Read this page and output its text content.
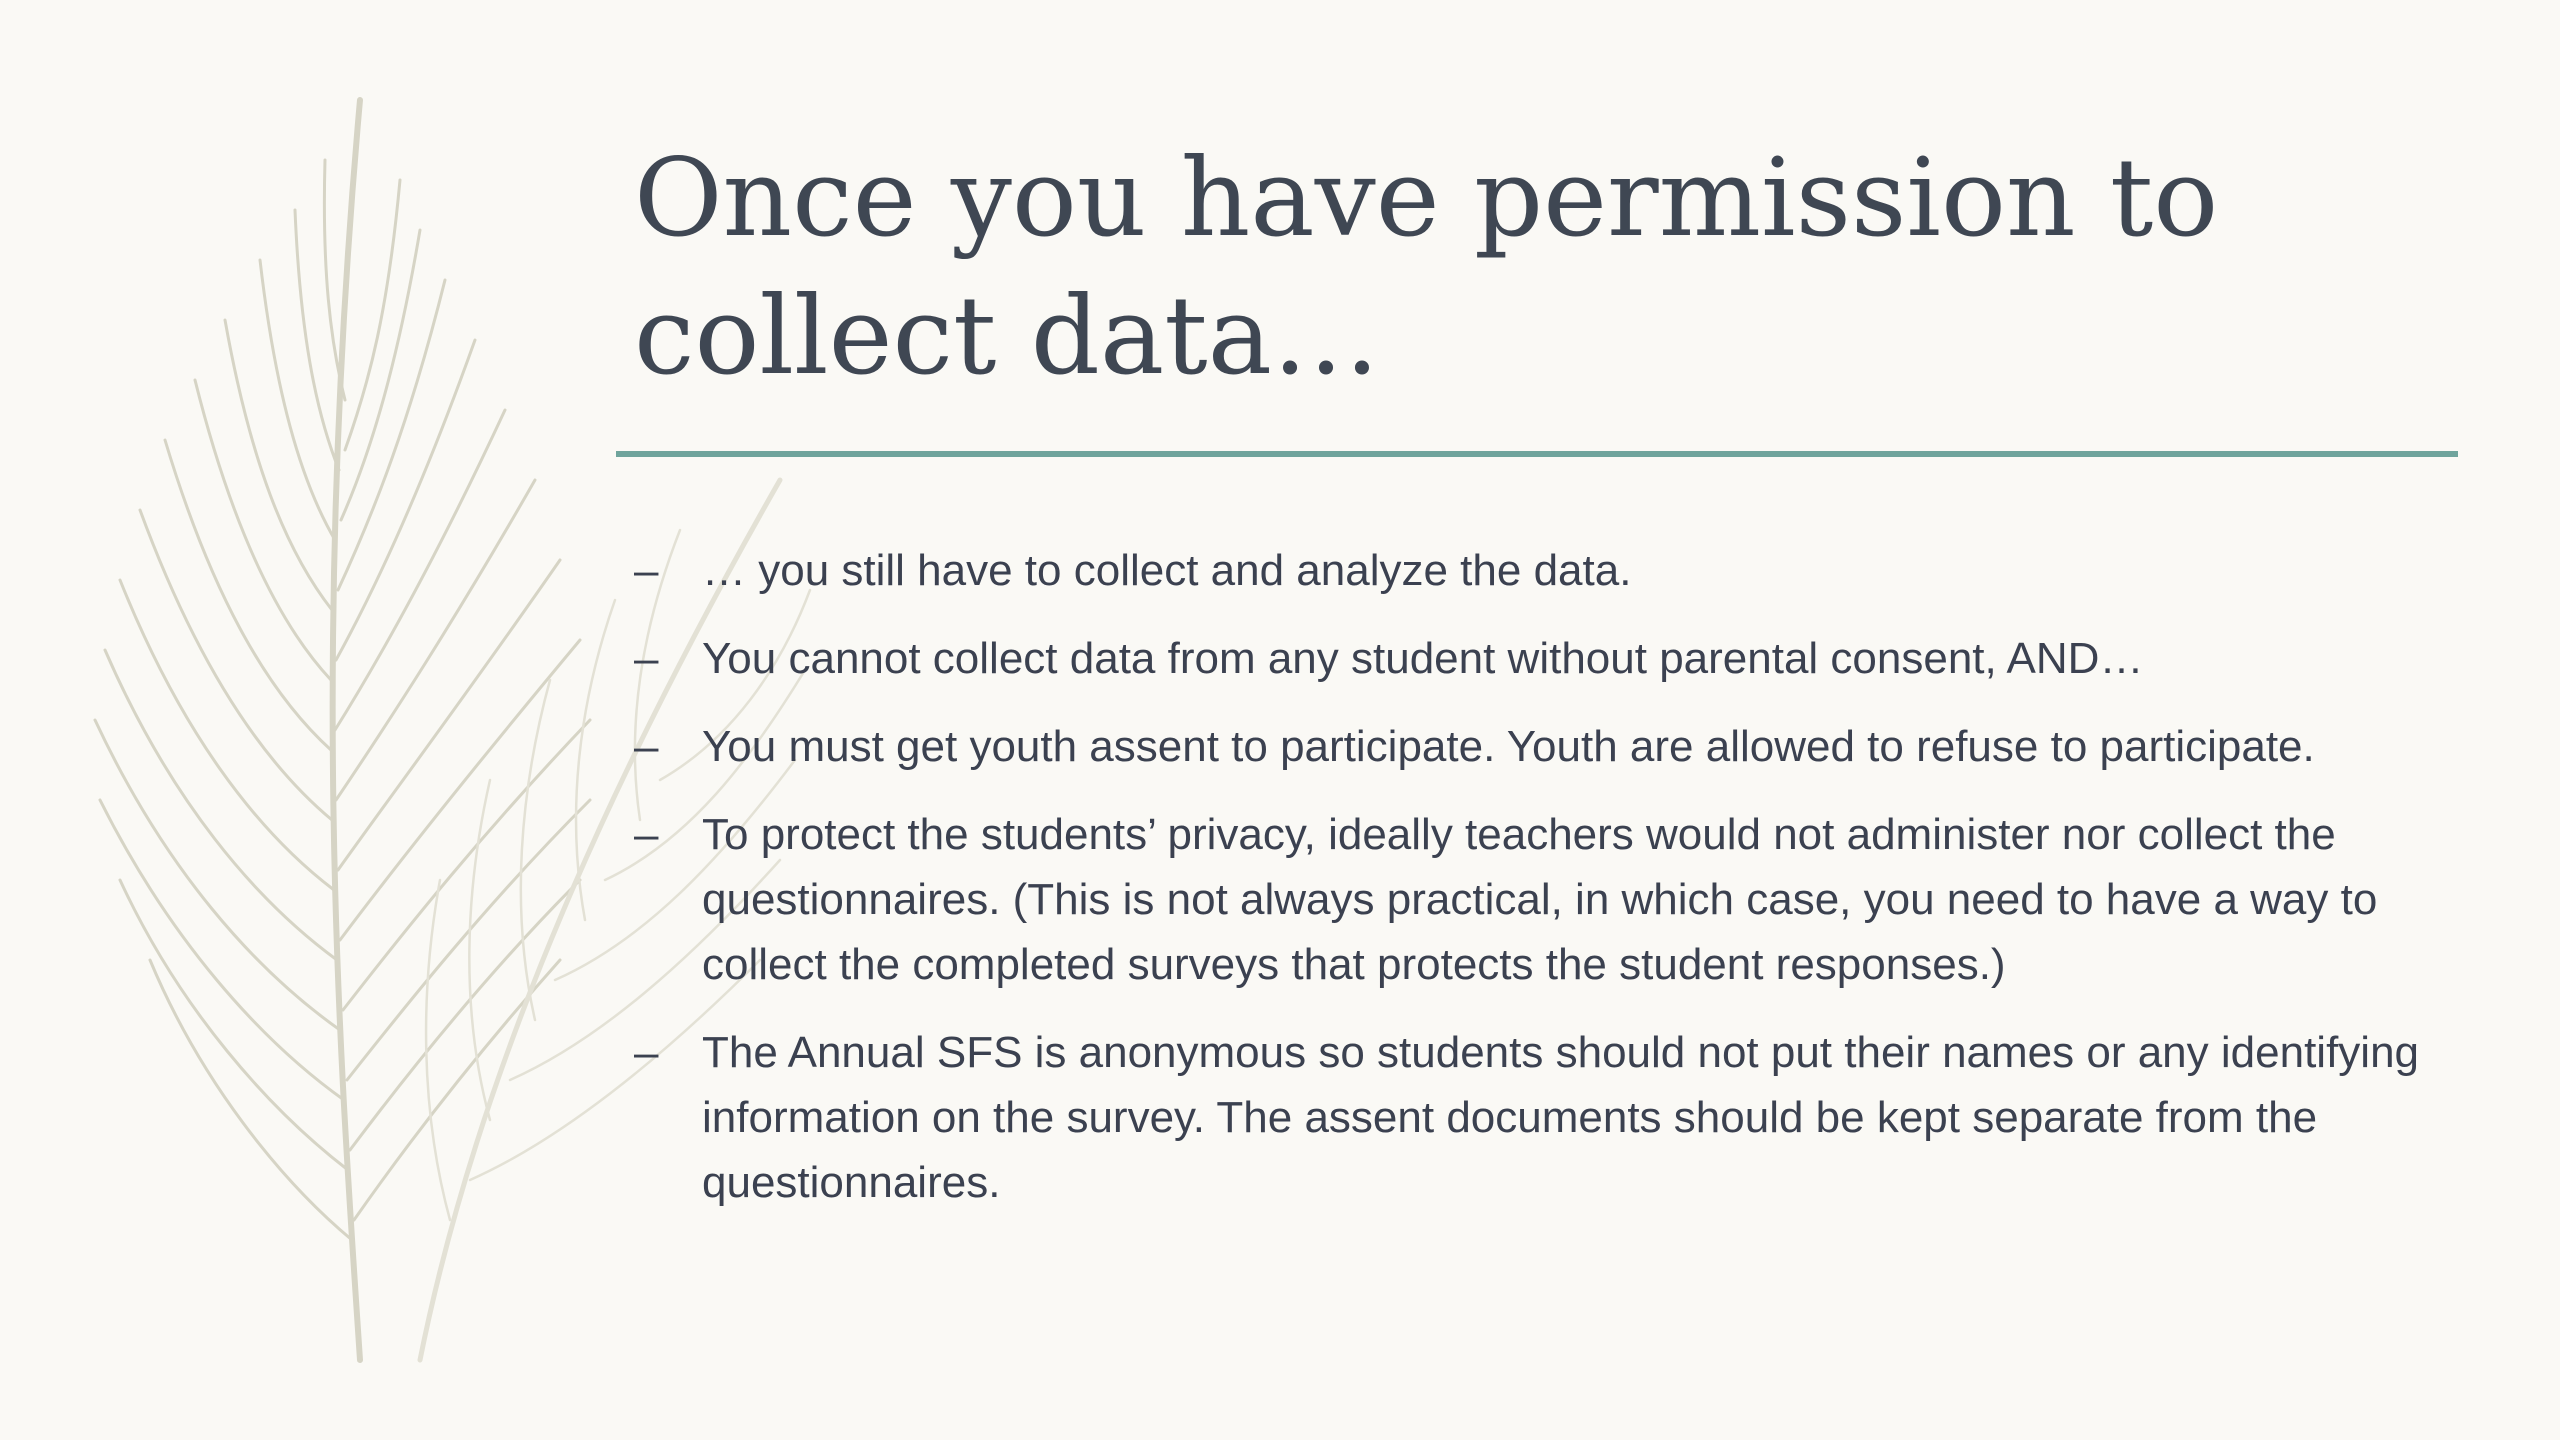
Once you have permission to collect data…
– … you still have to collect and analyze the data.
– You cannot collect data from any student without parental consent, AND…
– You must get youth assent to participate. Youth are allowed to refuse to participate.
– To protect the students’ privacy, ideally teachers would not administer nor collect the questionnaires. (This is not always practical, in which case, you need to have a way to collect the completed surveys that protects the student responses.)
– The Annual SFS is anonymous so students should not put their names or any identifying information on the survey. The assent documents should be kept separate from the questionnaires.
